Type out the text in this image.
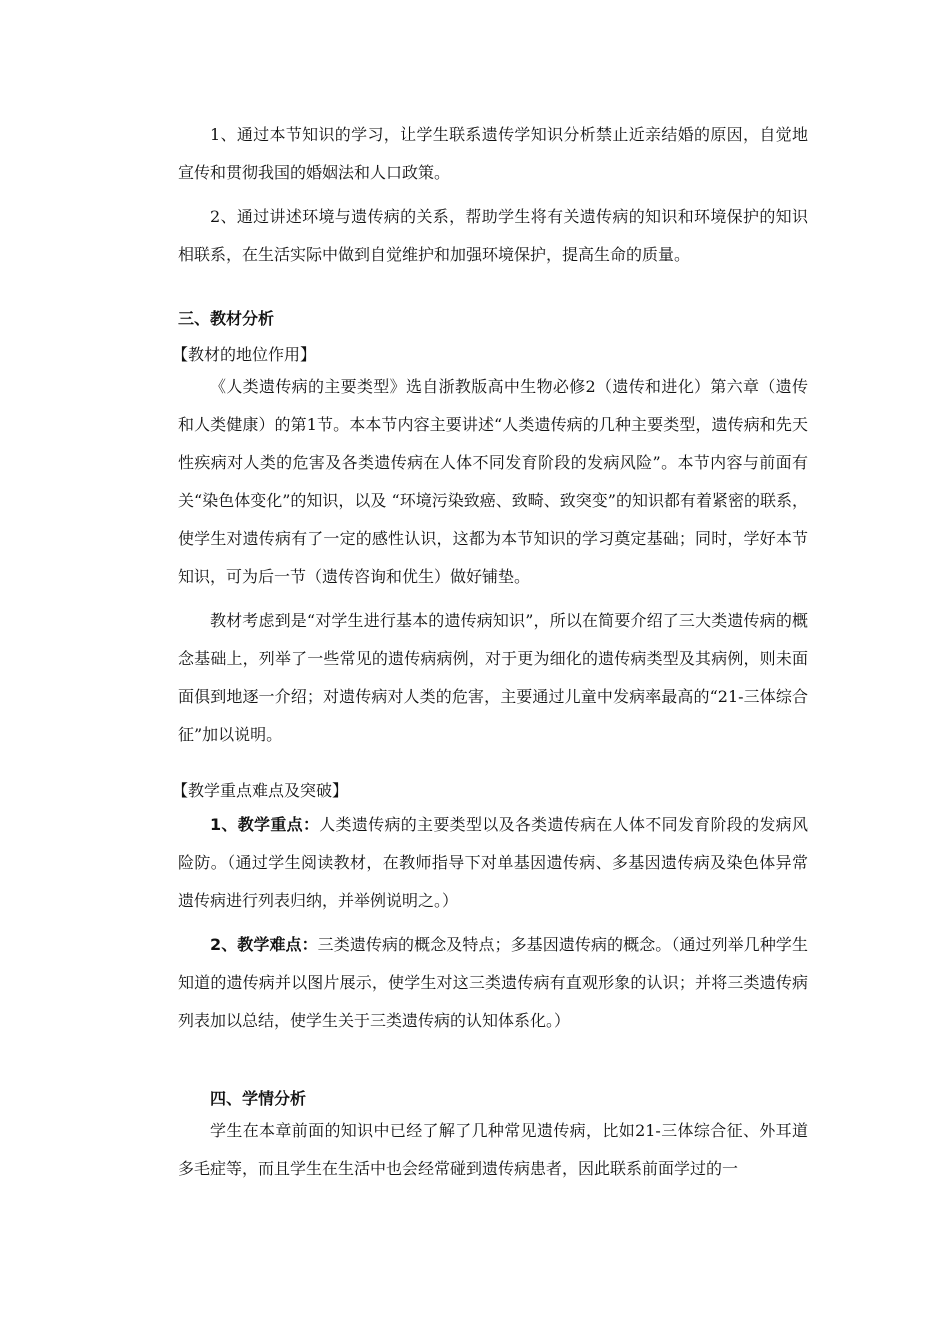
1、通过本节知识的学习，让学生联系遗传学知识分析禁止近亲结婚的原因，自觉地宣传和贯彻我国的婚姻法和人口政策。

2、通过讲述环境与遗传病的关系，帮助学生将有关遗传病的知识和环境保护的知识相联系，在生活实际中做到自觉维护和加强环境保护，提高生命的质量。

三、教材分析

【教材的地位作用】

《人类遗传病的主要类型》选自浙教版高中生物必修2（遗传和进化）第六章（遗传和人类健康）的第1节。本本节内容主要讲述“人类遗传病的几种主要类型，遗传病和先天性疾病对人类的危害及各类遗传病在人体不同发育阶段的发病风险”。本节内容与前面有关“染色体变化”的知识，以及 “环境污染致癌、致畸、致突变”的知识都有着紧密的联系，使学生对遗传病有了一定的感性认识，这都为本节知识的学习奠定基础；同时，学好本节知识，可为后一节（遗传咨询和优生）做好铺垫。

教材考虑到是“对学生进行基本的遗传病知识”，所以在简要介绍了三大类遗传病的概念基础上，列举了一些常见的遗传病病例，对于更为细化的遗传病类型及其病例，则未面面俱到地逐一介绍；对遗传病对人类的危害，主要通过儿童中发病率最高的“21-三体综合征”加以说明。

【教学重点难点及突破】

1、教学重点：人类遗传病的主要类型以及各类遗传病在人体不同发育阶段的发病风险防。（通过学生阅读教材，在教师指导下对单基因遗传病、多基因遗传病及染色体异常遗传病进行列表归纳，并举例说明之。）

2、教学难点：三类遗传病的概念及特点；多基因遗传病的概念。（通过列举几种学生知道的遗传病并以图片展示，使学生对这三类遗传病有直观形象的认识；并将三类遗传病列表加以总结，使学生关于三类遗传病的认知体系化。）

四、学情分析

学生在本章前面的知识中已经了解了几种常见遗传病，比如21-三体综合征、外耳道多毛症等，而且学生在生活中也会经常碰到遗传病患者，因此联系前面学过的一
